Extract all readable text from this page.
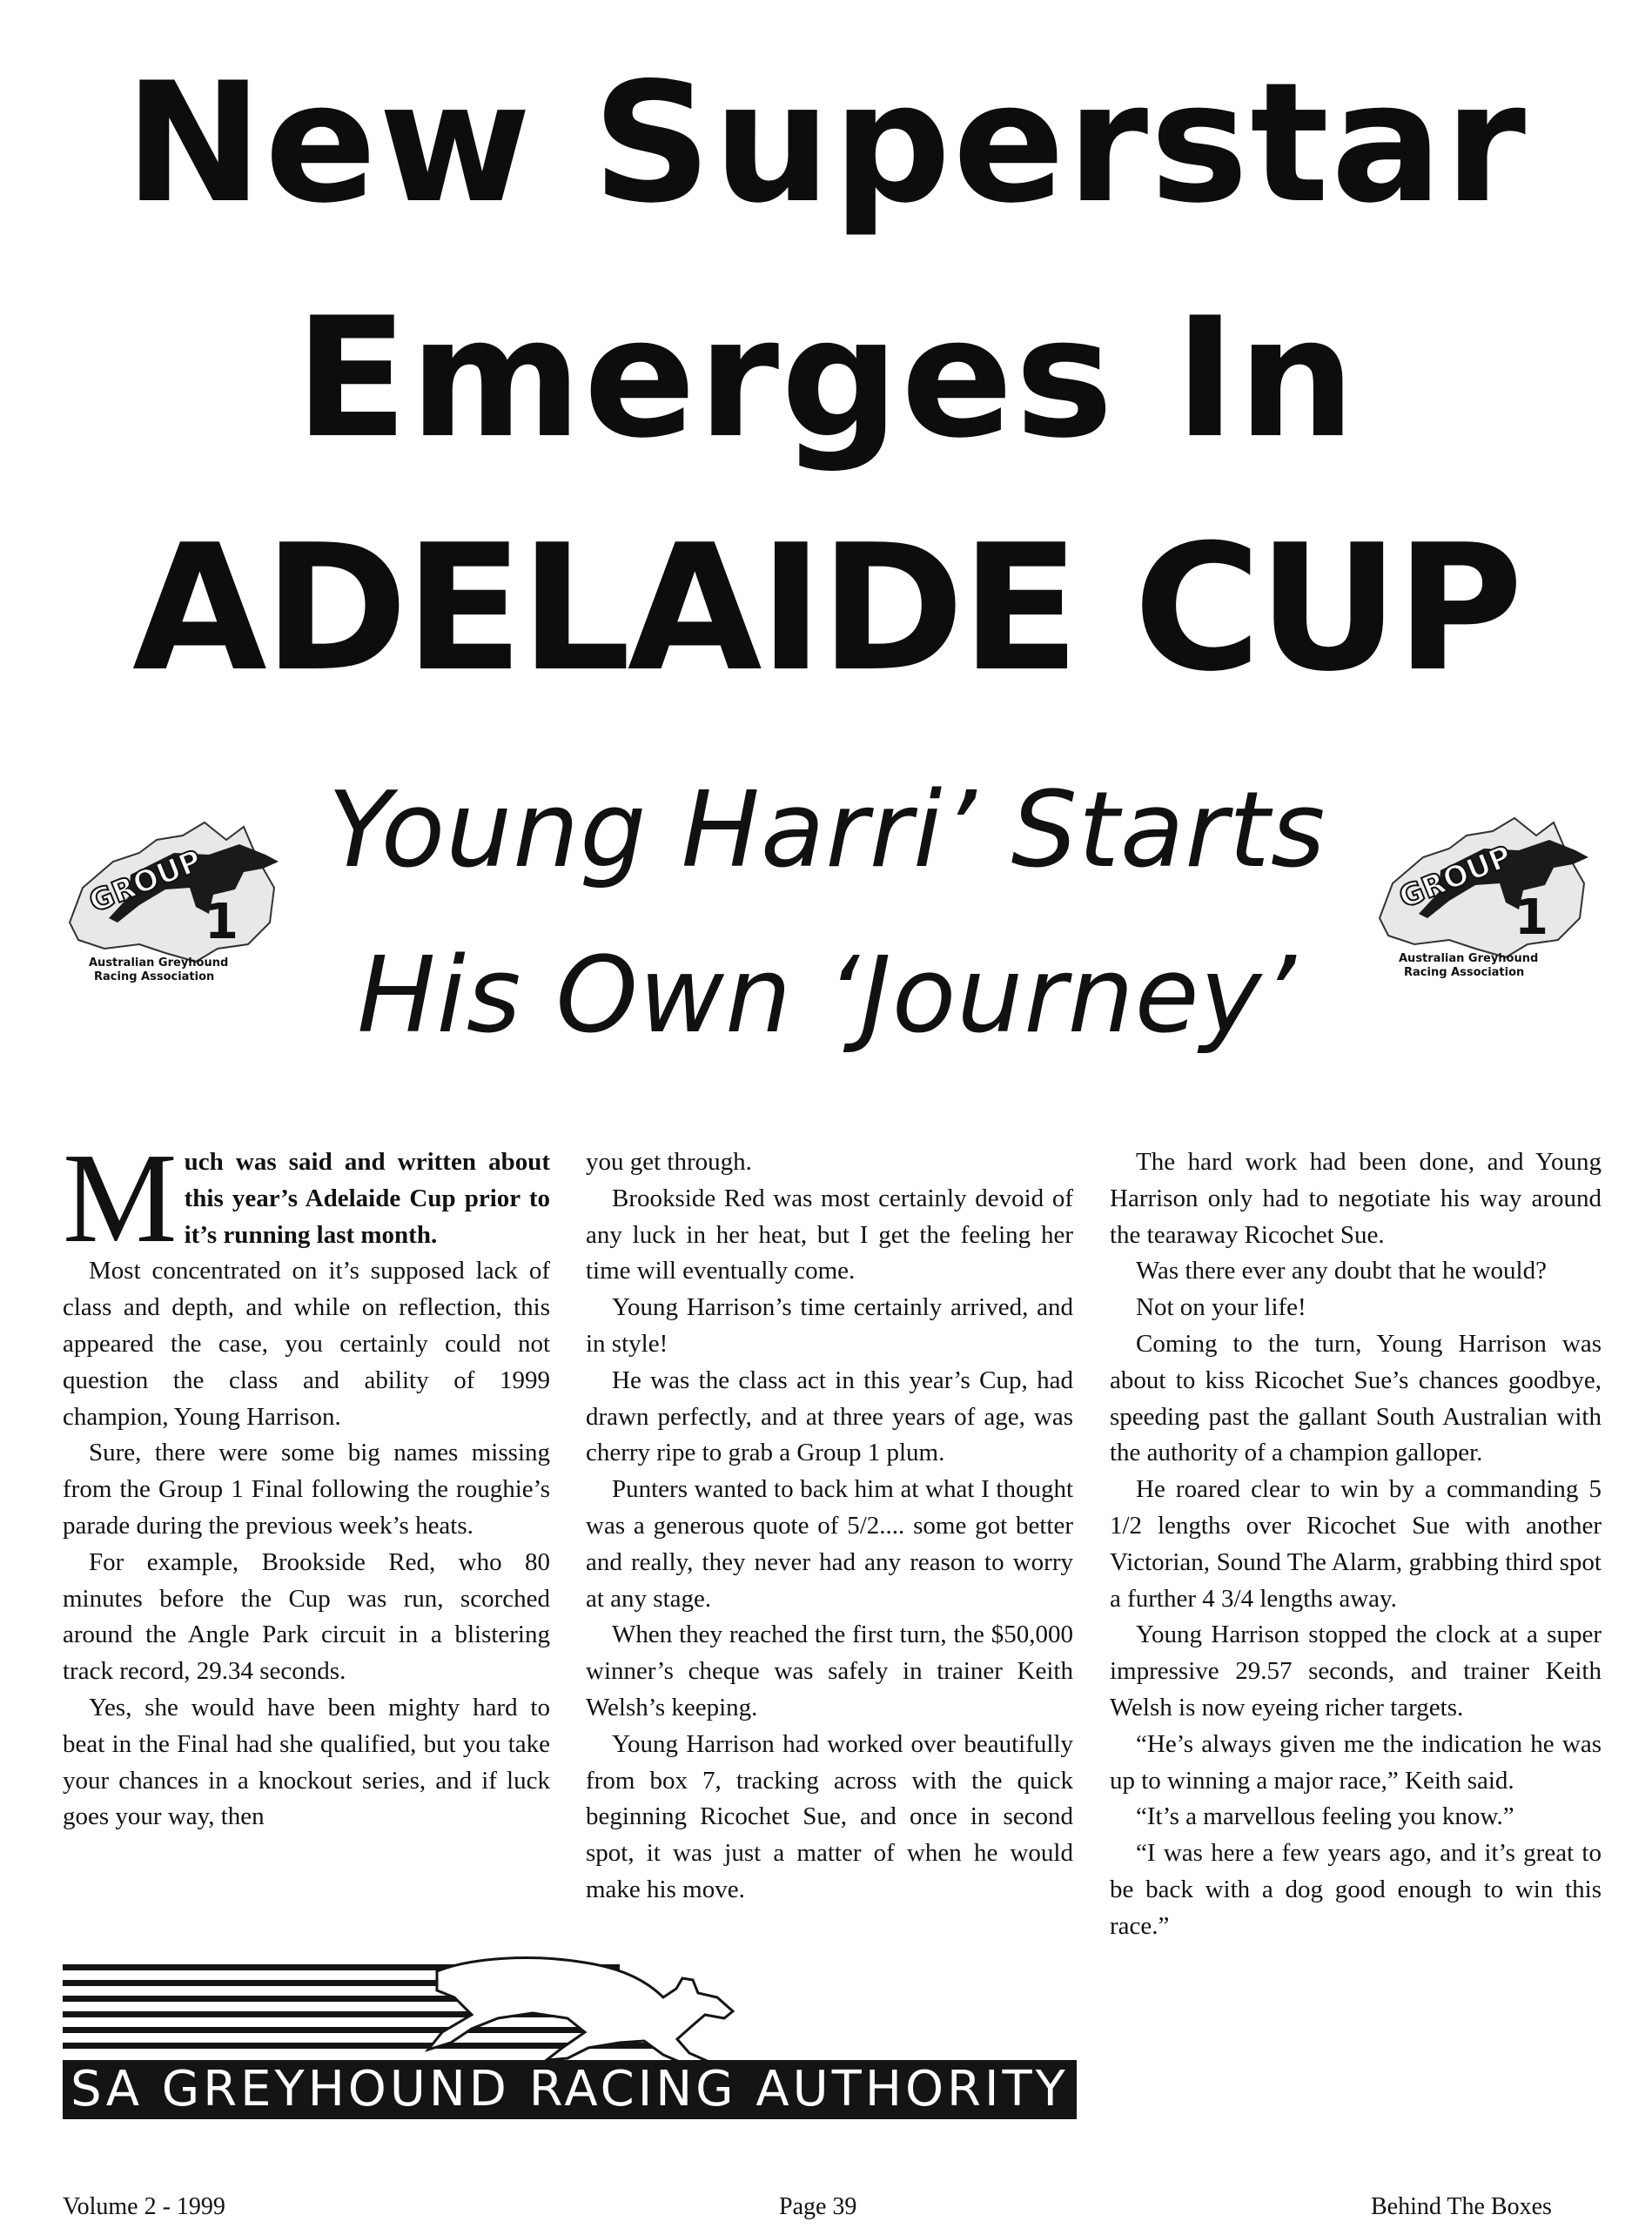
New Superstar
Emerges In
ADELAIDE CUP
Young Harri’ Starts
His Own ‘Journey’
GROUP
1
Australian Greyhound
Racing Association
GROUP
1
Australian Greyhound
Racing Association

Much was said and written about this year’s Adelaide Cup prior to it’s running last month.

Most concentrated on it’s supposed lack of class and depth, and while on reflection, this appeared the case, you certainly could not question the class and ability of 1999 champion, Young Harrison.

Sure, there were some big names missing from the Group 1 Final following the roughie’s parade during the previous week’s heats.

For example, Brookside Red, who 80 minutes before the Cup was run, scorched around the Angle Park circuit in a blistering track record, 29.34 seconds.

Yes, she would have been mighty hard to beat in the Final had she qualified, but you take your chances in a knockout series, and if luck goes your way, then

you get through.

Brookside Red was most certainly devoid of any luck in her heat, but I get the feeling her time will eventually come.

Young Harrison’s time certainly arrived, and in style!

He was the class act in this year’s Cup, had drawn perfectly, and at three years of age, was cherry ripe to grab a Group 1 plum.

Punters wanted to back him at what I thought was a generous quote of 5/2.... some got better and really, they never had any reason to worry at any stage.

When they reached the first turn, the $50,000 winner’s cheque was safely in trainer Keith Welsh’s keeping.

Young Harrison had worked over beautifully from box 7, tracking across with the quick beginning Ricochet Sue, and once in second spot, it was just a matter of when he would make his move.

The hard work had been done, and Young Harrison only had to negotiate his way around the tearaway Ricochet Sue.

Was there ever any doubt that he would?

Not on your life!

Coming to the turn, Young Harrison was about to kiss Ricochet Sue’s chances goodbye, speeding past the gallant South Australian with the authority of a champion galloper.

He roared clear to win by a commanding 5 1/2 lengths over Ricochet Sue with another Victorian, Sound The Alarm, grabbing third spot a further 4 3/4 lengths away.

Young Harrison stopped the clock at a super impressive 29.57 seconds, and trainer Keith Welsh is now eyeing richer targets.

“He’s always given me the indication he was up to winning a major race,” Keith said.

“It’s a marvellous feeling you know.”

“I was here a few years ago, and it’s great to be back with a dog good enough to win this race.”

SA GREYHOUND RACING AUTHORITY
Volume 2 - 1999	Page 39	Behind The Boxes
